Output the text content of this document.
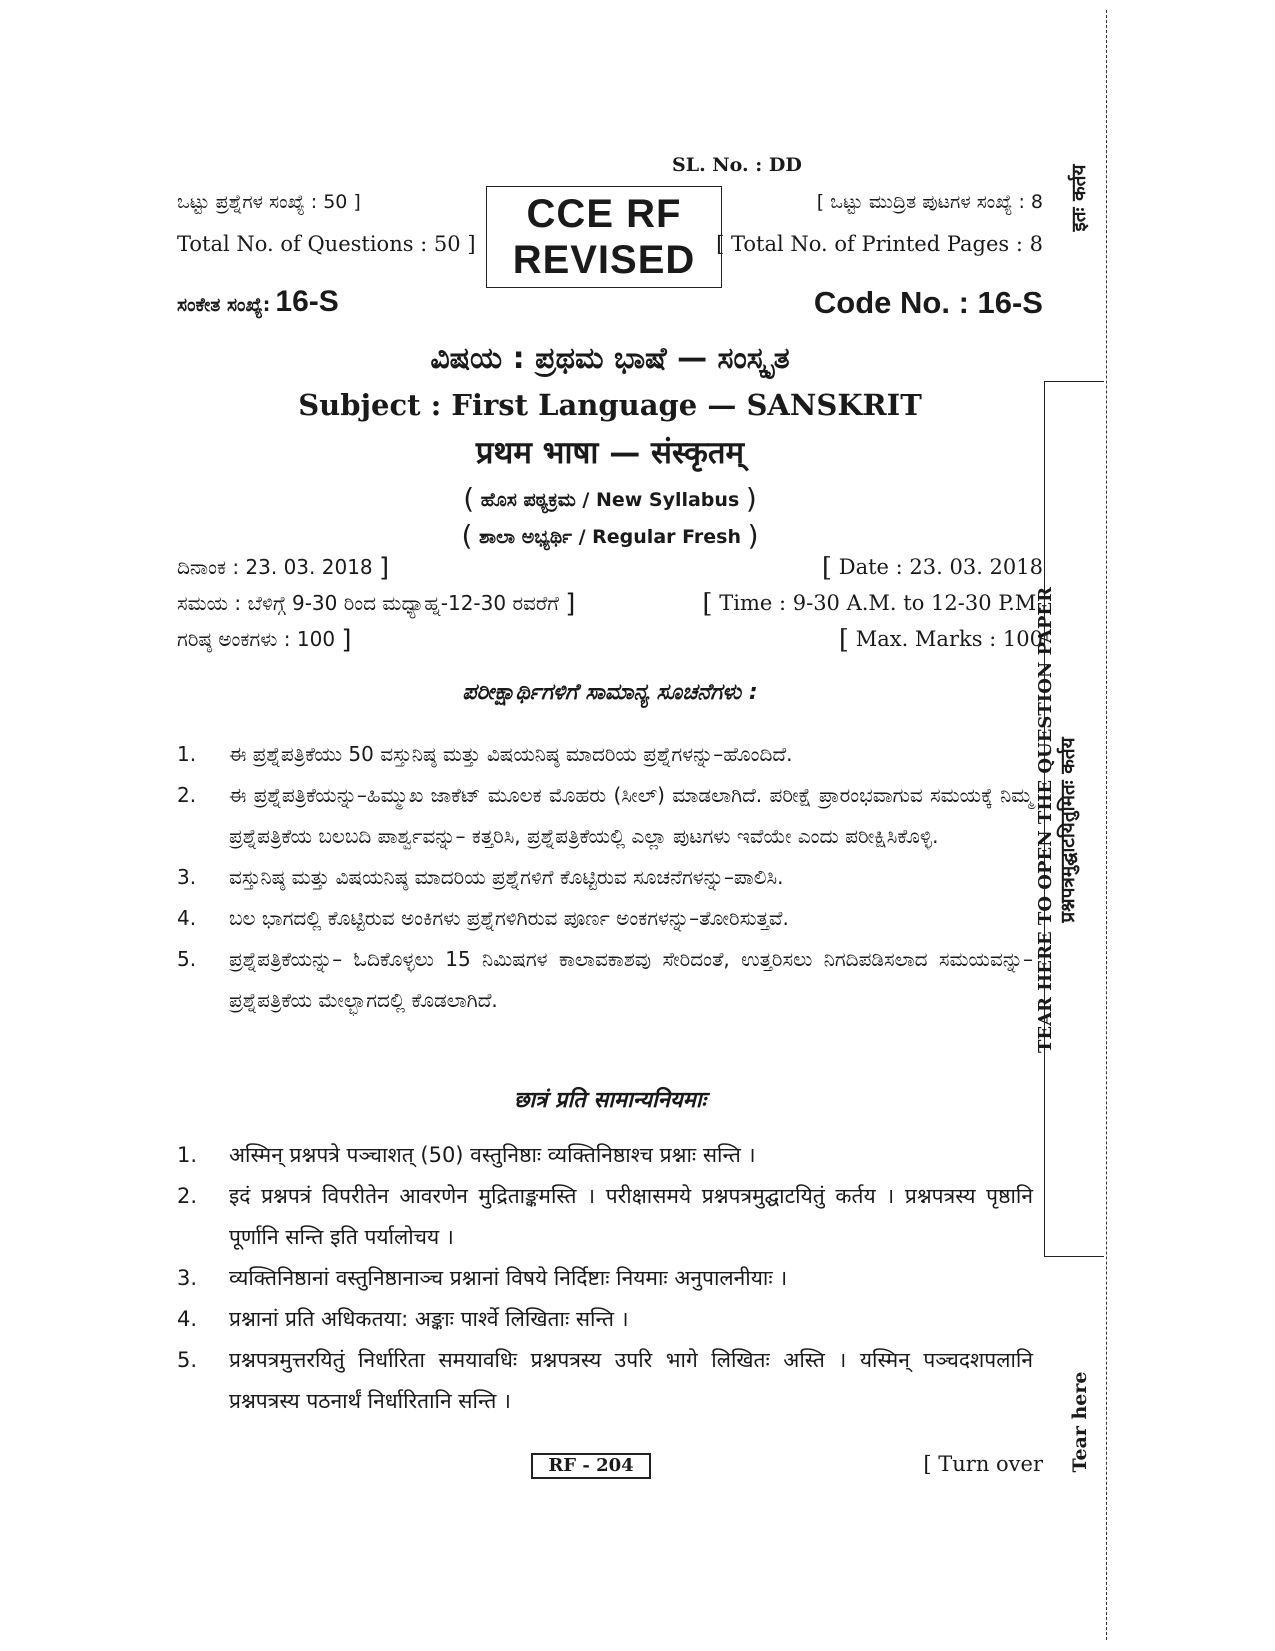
SL. No. : DD
ಒಟ್ಟು ಪ್ರಶ್ನೆಗಳ ಸಂಖ್ಯೆ : 50 ]
Total No. of Questions : 50 ]
CCE RF
REVISED
[ ಒಟ್ಟು ಮುದ್ರಿತ ಪುಟಗಳ ಸಂಖ್ಯೆ : 8
[ Total No. of Printed Pages : 8
ಸಂಕೇತ ಸಂಖ್ಯೆ: 16-S	Code No. : 16-S
ವಿಷಯ : ಪ್ರಥಮ ಭಾಷೆ — ಸಂಸ್ಕೃತ
Subject : First Language — SANSKRIT
प्रथम भाषा — संस्कृतम्
( ಹೊಸ ಪಠ್ಯಕ್ರಮ / New Syllabus )
( ಶಾಲಾ ಅಭ್ಯರ್ಥಿ / Regular Fresh )
ದಿನಾಂಕ : 23. 03. 2018 ]
ಸಮಯ : ಬೆಳಿಗ್ಗೆ 9-30 ರಿಂದ ಮಧ್ಯಾಹ್ನ-12-30 ರವರೆಗೆ ]
ಗರಿಷ್ಠ ಅಂಕಗಳು : 100 ]
[ Date : 23. 03. 2018
[ Time : 9-30 A.M. to 12-30 P.M.
[ Max. Marks : 100
ಪರೀಕ್ಷಾರ್ಥಿಗಳಿಗೆ ಸಾಮಾನ್ಯ ಸೂಚನೆಗಳು :
1. ಈ ಪ್ರಶ್ನೆಪತ್ರಿಕೆಯು 50 ವಸ್ತುನಿಷ್ಠ ಮತ್ತು ವಿಷಯನಿಷ್ಠ ಮಾದರಿಯ ಪ್ರಶ್ನೆಗಳನ್ನು–ಹೊಂದಿದೆ.
2. ಈ ಪ್ರಶ್ನೆಪತ್ರಿಕೆಯನ್ನು–ಹಿಮ್ಮುಖ ಜಾಕೆಟ್ ಮೂಲಕ ಮೊಹರು (ಸೀಲ್) ಮಾಡಲಾಗಿದೆ. ಪರೀಕ್ಷೆ ಪ್ರಾರಂಭವಾಗುವ ಸಮಯಕ್ಕೆ ನಿಮ್ಮ ಪ್ರಶ್ನೆಪತ್ರಿಕೆಯ ಬಲಬದಿ ಪಾರ್ಶ್ವವನ್ನು– ಕತ್ತರಿಸಿ, ಪ್ರಶ್ನೆಪತ್ರಿಕೆಯಲ್ಲಿ ಎಲ್ಲಾ ಪುಟಗಳು ಇವೆಯೇ ಎಂದು ಪರೀಕ್ಷಿಸಿಕೊಳ್ಳಿ.
3. ವಸ್ತುನಿಷ್ಠ ಮತ್ತು ವಿಷಯನಿಷ್ಠ ಮಾದರಿಯ ಪ್ರಶ್ನೆಗಳಿಗೆ ಕೊಟ್ಟಿರುವ ಸೂಚನೆಗಳನ್ನು–ಪಾಲಿಸಿ.
4. ಬಲ ಭಾಗದಲ್ಲಿ ಕೊಟ್ಟಿರುವ ಅಂಕಿಗಳು ಪ್ರಶ್ನೆಗಳಿಗಿರುವ ಪೂರ್ಣ ಅಂಕಗಳನ್ನು–ತೋರಿಸುತ್ತವೆ.
5. ಪ್ರಶ್ನೆಪತ್ರಿಕೆಯನ್ನು– ಓದಿಕೊಳ್ಳಲು 15 ನಿಮಿಷಗಳ ಕಾಲಾವಕಾಶವು ಸೇರಿದಂತೆ, ಉತ್ತರಿಸಲು ನಿಗದಿಪಡಿಸಲಾದ ಸಮಯವನ್ನು–ಪ್ರಶ್ನೆಪತ್ರಿಕೆಯ ಮೇಲ್ಭಾಗದಲ್ಲಿ ಕೊಡಲಾಗಿದೆ.
छात्रं प्रति सामान्यनियमाः
1. अस्मिन् प्रश्नपत्रे पञ्चाशत् (50) वस्तुनिष्ठाः व्यक्तिनिष्ठाश्च प्रश्नाः सन्ति ।
2. इदं प्रश्नपत्रं विपरीतेन आवरणेन मुद्रिताङ्कमस्ति । परीक्षासमये प्रश्नपत्रमुद्घाटयितुं कर्तय । प्रश्नपत्रस्य पृष्ठानि पूर्णानि सन्ति इति पर्यालोचय ।
3. व्यक्तिनिष्ठानां वस्तुनिष्ठानाञ्च प्रश्नानां विषये निर्दिष्टाः नियमाः अनुपालनीयाः ।
4. प्रश्नानां प्रति अधिकतया: अङ्काः पार्श्वे लिखिताः सन्ति ।
5. प्रश्नपत्रमुत्तरयितुं निर्धारिता समयावधिः प्रश्नपत्रस्य उपरि भागे लिखितः अस्ति । यस्मिन् पञ्चदशपलानि प्रश्नपत्रस्य पठनार्थं निर्धारितानि सन्ति ।
RF - 204	[ Turn over
इतः कर्तय
TEAR HERE TO OPEN THE QUESTION PAPER प्रश्नपत्रमुद्घाटयितुमितः कर्तय
Tear here
